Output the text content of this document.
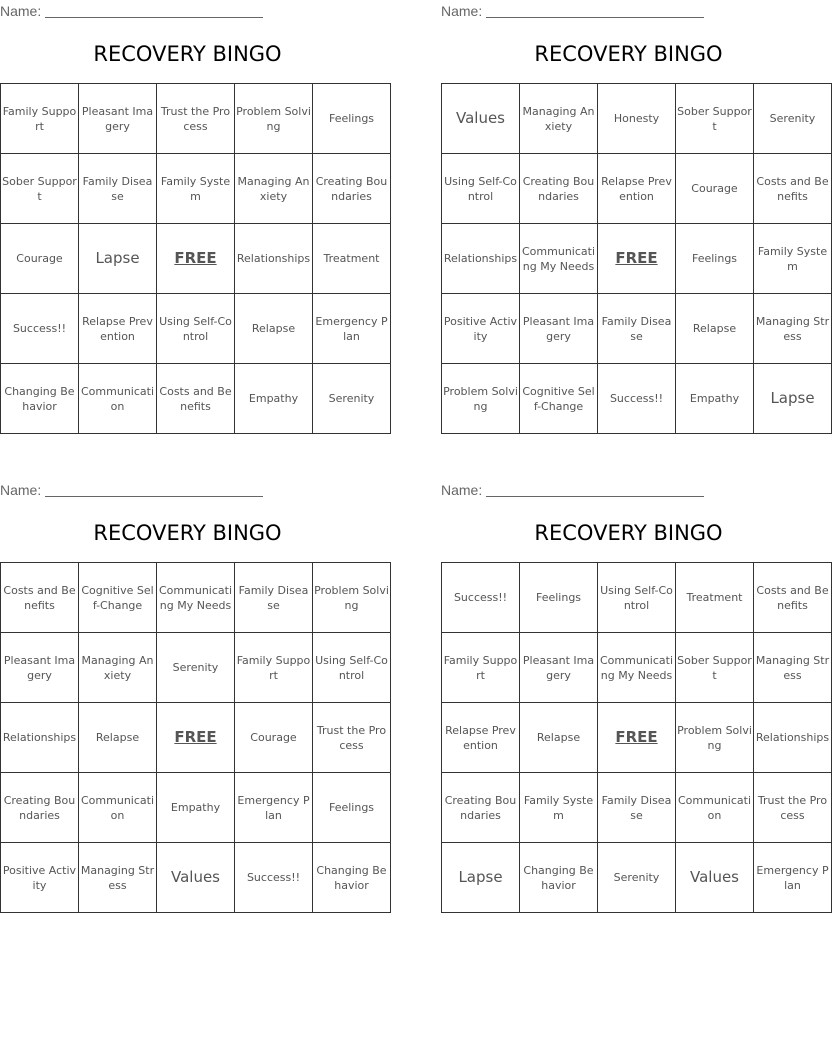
Name:
RECOVERY BINGO
Family Support	Pleasant Imagery	Trust the Process	Problem Solving	Feelings
Sober Support	Family Disease	Family System	Managing Anxiety	Creating Boundaries
Courage	Lapse	FREE	Relationships	Treatment
Success!!	Relapse Prevention	Using Self-Control	Relapse	Emergency Plan
Changing Behavior	Communication	Costs and Benefits	Empathy	Serenity
Name:
RECOVERY BINGO
Values	Managing Anxiety	Honesty	Sober Support	Serenity
Using Self-Control	Creating Boundaries	Relapse Prevention	Courage	Costs and Benefits
Relationships	Communicating My Needs	FREE	Feelings	Family System
Positive Activity	Pleasant Imagery	Family Disease	Relapse	Managing Stress
Problem Solving	Cognitive Self-Change	Success!!	Empathy	Lapse
Name:
RECOVERY BINGO
Costs and Benefits	Cognitive Self-Change	Communicating My Needs	Family Disease	Problem Solving
Pleasant Imagery	Managing Anxiety	Serenity	Family Support	Using Self-Control
Relationships	Relapse	FREE	Courage	Trust the Process
Creating Boundaries	Communication	Empathy	Emergency Plan	Feelings
Positive Activity	Managing Stress	Values	Success!!	Changing Behavior
Name:
RECOVERY BINGO
Success!!	Feelings	Using Self-Control	Treatment	Costs and Benefits
Family Support	Pleasant Imagery	Communicating My Needs	Sober Support	Managing Stress
Relapse Prevention	Relapse	FREE	Problem Solving	Relationships
Creating Boundaries	Family System	Family Disease	Communication	Trust the Process
Lapse	Changing Behavior	Serenity	Values	Emergency Plan
